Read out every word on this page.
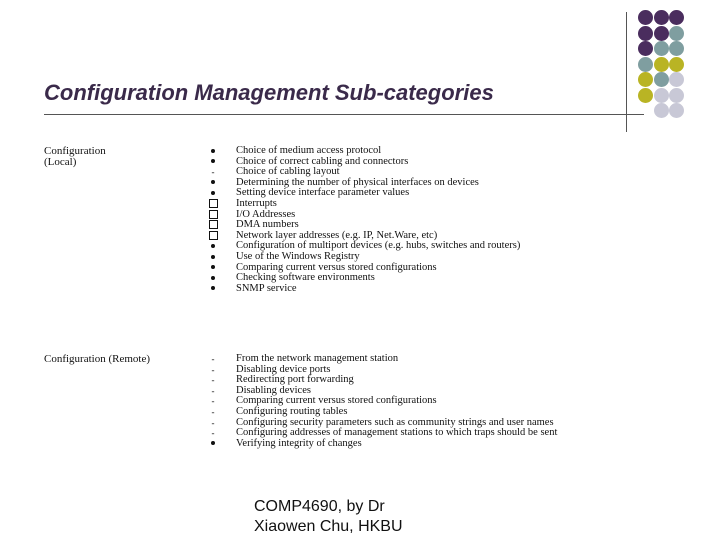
Configuration Management Sub-categories
Configuration
(Local)
Choice of medium access protocol
Choice of correct cabling and connectors
-
Choice of cabling layout
Determining the number of physical interfaces on devices
Setting device interface parameter values
Interrupts
I/O Addresses
DMA numbers
Network layer addresses (e.g. IP, Net.Ware, etc)
Configuration of multiport devices (e.g. hubs, switches and routers)
Use of the Windows Registry
Comparing current versus stored configurations
Checking software environments
SNMP service
Configuration (Remote)
-	From the network management station
-
Disabling device ports
-
Redirecting port forwarding
-
Disabling devices
-
Comparing current versus stored configurations
-
Configuring routing tables
-
Configuring security parameters such as community strings and user names
-
Configuring addresses of management stations to which traps should be sent
Verifying integrity of changes
COMP4690, by Dr
Xiaowen Chu, HKBU
